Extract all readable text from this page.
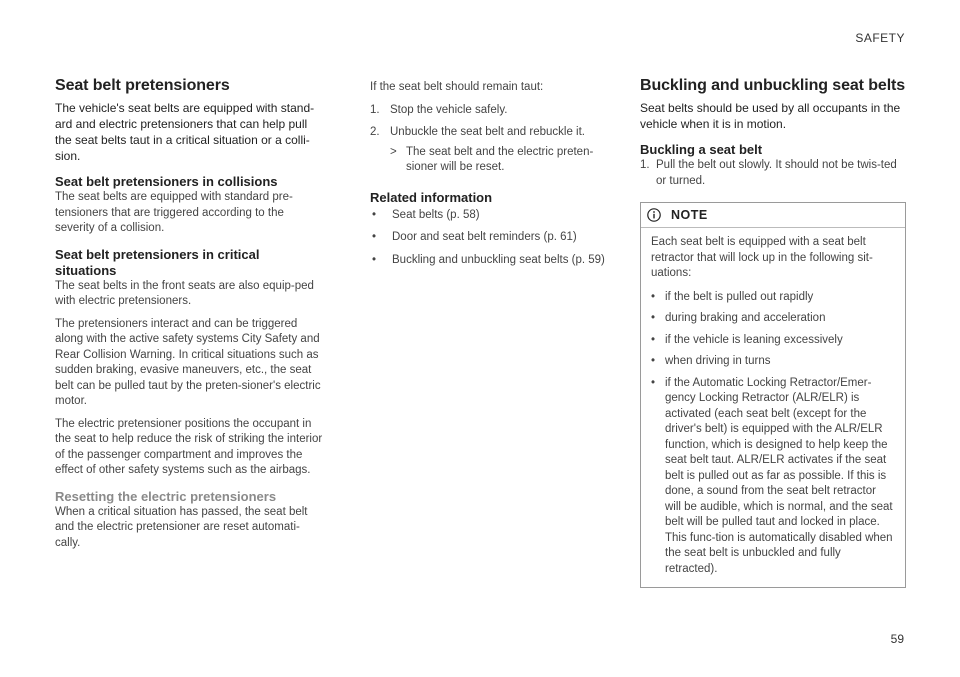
SAFETY
Seat belt pretensioners

The vehicle's seat belts are equipped with stand-ard and electric pretensioners that can help pull the seat belts taut in a critical situation or a colli-sion.

Seat belt pretensioners in collisions

The seat belts are equipped with standard pre-tensioners that are triggered according to the severity of a collision.

Seat belt pretensioners in critical situations

The seat belts in the front seats are also equip-ped with electric pretensioners.

The pretensioners interact and can be triggered along with the active safety systems City Safety and Rear Collision Warning. In critical situations such as sudden braking, evasive maneuvers, etc., the seat belt can be pulled taut by the preten-sioner's electric motor.

The electric pretensioner positions the occupant in the seat to help reduce the risk of striking the interior of the passenger compartment and improves the effect of other safety systems such as the airbags.

Resetting the electric pretensioners

When a critical situation has passed, the seat belt and the electric pretensioner are reset automati-cally.

If the seat belt should remain taut:

1. Stop the vehicle safely.
2. Unbuckle the seat belt and rebuckle it.
> The seat belt and the electric preten-sioner will be reset.
Related information
• Seat belts (p. 58)
• Door and seat belt reminders (p. 61)
• Buckling and unbuckling seat belts (p. 59)
Buckling and unbuckling seat belts

Seat belts should be used by all occupants in the vehicle when it is in motion.

Buckling a seat belt
1. Pull the belt out slowly. It should not be twis-ted or turned.
NOTE

Each seat belt is equipped with a seat belt retractor that will lock up in the following sit-uations:

• if the belt is pulled out rapidly
• during braking and acceleration
• if the vehicle is leaning excessively
• when driving in turns
• if the Automatic Locking Retractor/Emer-gency Locking Retractor (ALR/ELR) is activated (each seat belt (except for the driver's belt) is equipped with the ALR/ELR function, which is designed to help keep the seat belt taut. ALR/ELR activates if the seat belt is pulled out as far as possible. If this is done, a sound from the seat belt retractor will be audible, which is normal, and the seat belt will be pulled taut and locked in place. This func-tion is automatically disabled when the seat belt is unbuckled and fully retracted).
59
